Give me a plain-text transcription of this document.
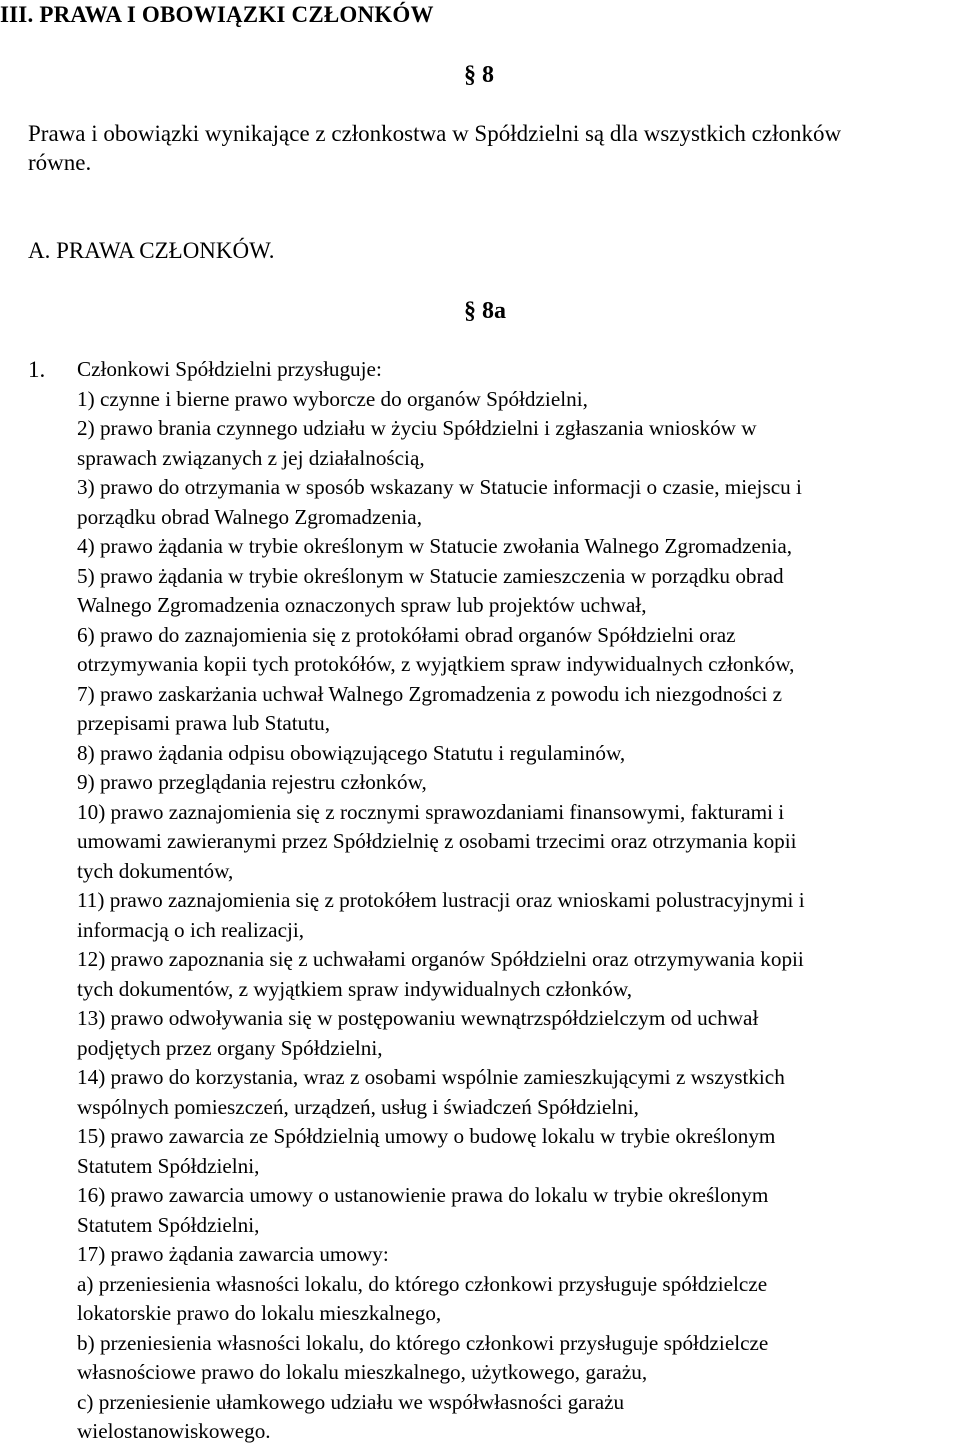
III. PRAWA I OBOWIĄZKI CZŁONKÓW
§ 8
Prawa i obowiązki wynikające z członkostwa w Spółdzielni są dla wszystkich członków
równe.
A. PRAWA CZŁONKÓW.
§ 8a
1. Członkowi Spółdzielni przysługuje:
1) czynne i bierne prawo wyborcze do organów Spółdzielni,
2) prawo brania czynnego udziału w życiu Spółdzielni i zgłaszania wniosków w
sprawach związanych z jej działalnością,
3) prawo do otrzymania w sposób wskazany w Statucie informacji o czasie, miejscu i
porządku obrad Walnego Zgromadzenia,
4) prawo żądania w trybie określonym w Statucie zwołania Walnego Zgromadzenia,
5) prawo żądania w trybie określonym w Statucie zamieszczenia w porządku obrad
Walnego Zgromadzenia oznaczonych spraw lub projektów uchwał,
6) prawo do zaznajomienia się z protokółami obrad organów Spółdzielni oraz
otrzymywania kopii tych protokółów, z wyjątkiem spraw indywidualnych członków,
7) prawo zaskarżania uchwał Walnego Zgromadzenia z powodu ich niezgodności z
przepisami prawa lub Statutu,
8) prawo żądania odpisu obowiązującego Statutu i regulaminów,
9) prawo przeglądania rejestru członków,
10) prawo zaznajomienia się z rocznymi sprawozdaniami finansowymi, fakturami i
umowami zawieranymi przez Spółdzielnię z osobami trzecimi oraz otrzymania kopii
tych dokumentów,
11) prawo zaznajomienia się z protokółem lustracji oraz wnioskami polustracyjnymi i
informacją o ich realizacji,
12) prawo zapoznania się z uchwałami organów Spółdzielni oraz otrzymywania kopii
tych dokumentów, z wyjątkiem spraw indywidualnych członków,
13) prawo odwoływania się w postępowaniu wewnątrzspółdzielczym od uchwał
podjętych przez organy Spółdzielni,
14) prawo do korzystania, wraz z osobami wspólnie zamieszkującymi z wszystkich
wspólnych pomieszczeń, urządzeń, usług i świadczeń Spółdzielni,
15) prawo zawarcia ze Spółdzielnią umowy o budowę lokalu w trybie określonym
Statutem Spółdzielni,
16) prawo zawarcia umowy o ustanowienie prawa do lokalu w trybie określonym
Statutem Spółdzielni,
17) prawo żądania zawarcia umowy:
a) przeniesienia własności lokalu, do którego członkowi przysługuje spółdzielcze
lokatorskie prawo do lokalu mieszkalnego,
b) przeniesienia własności lokalu, do którego członkowi przysługuje spółdzielcze
własnościowe prawo do lokalu mieszkalnego, użytkowego, garażu,
c) przeniesienie ułamkowego udziału we współwłasności garażu
wielostanowiskowego.
